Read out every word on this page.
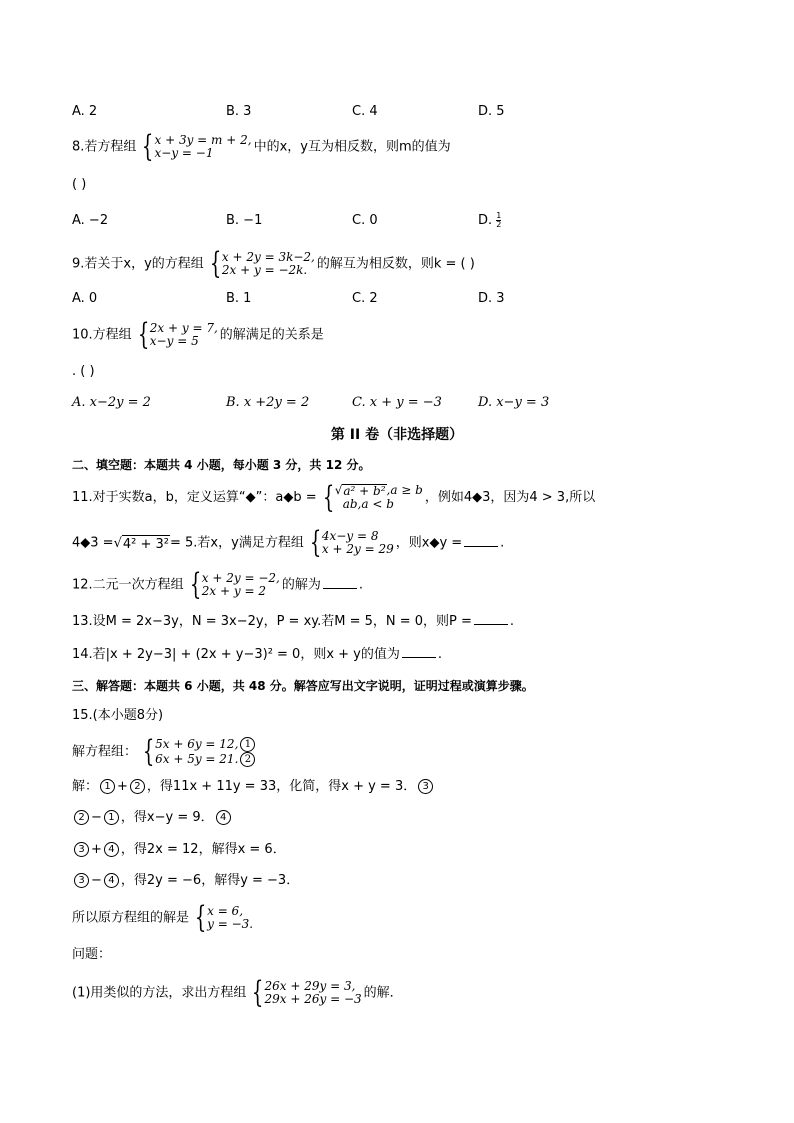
A. 2	B. 3	C. 4	D. 5
8.若方程组 { x + 3y = m + 2,
x−y = −1	中的x，y互为相反数，则m的值为
( )
A. −2	B. −1	C. 0	D. $\frac{1}{2}$
9.若关于x，y的方程组 { x + 2y = 3k−2,
2x + y = −2k. 的解互为相反数，则k = ( )
A. 0	B. 1	C. 2	D. 3
10.方程组 { 2x + y = 7,
x−y = 5	的解满足的关系是
. ( )
A. x−2y = 2	B. x +2y = 2	C. x + y = −3	D. x−y = 3
第 II 卷（非选择题）
二、填空题：本题共 4 小题，每小题 3 分，共 12 分。
11.对于实数a，b，定义运算“◆”：a◆b = { √ a² + b² ,a ≥ b
ab,a < b	，例如4◆3，因为4 > 3,所以
4◆3 = √ 4² + 3² = 5.若x，y满足方程组 { 4x−y = 8
x + 2y = 29 ，则x◆y =	.
12.二元一次方程组 { x + 2y = −2,
2x + y = 2	的解为	.
13.设M = 2x−3y，N = 3x−2y，P = xy.若M = 5，N = 0，则P =	.
14.若|x + 2y−3| + (2x + y−3)² = 0，则x + y的值为	.
三、解答题：本题共 6 小题，共 48 分。解答应写出文字说明，证明过程或演算步骤。
15.(本小题8分)
解方程组： { 5x + 6y = 12, 1
6x + 5y = 21. 2
解： 1 + 2 ，得11x + 11y = 33，化简，得x + y = 3． 3
2 − 1 ，得x−y = 9． 4
3 + 4 ，得2x = 12，解得x = 6．
3 − 4 ，得2y = −6，解得y = −3．
所以原方程组的解是 { x = 6,
y = −3.
问题：
(1)用类似的方法，求出方程组 { 26x + 29y = 3,
29x + 26y = −3 的解．
